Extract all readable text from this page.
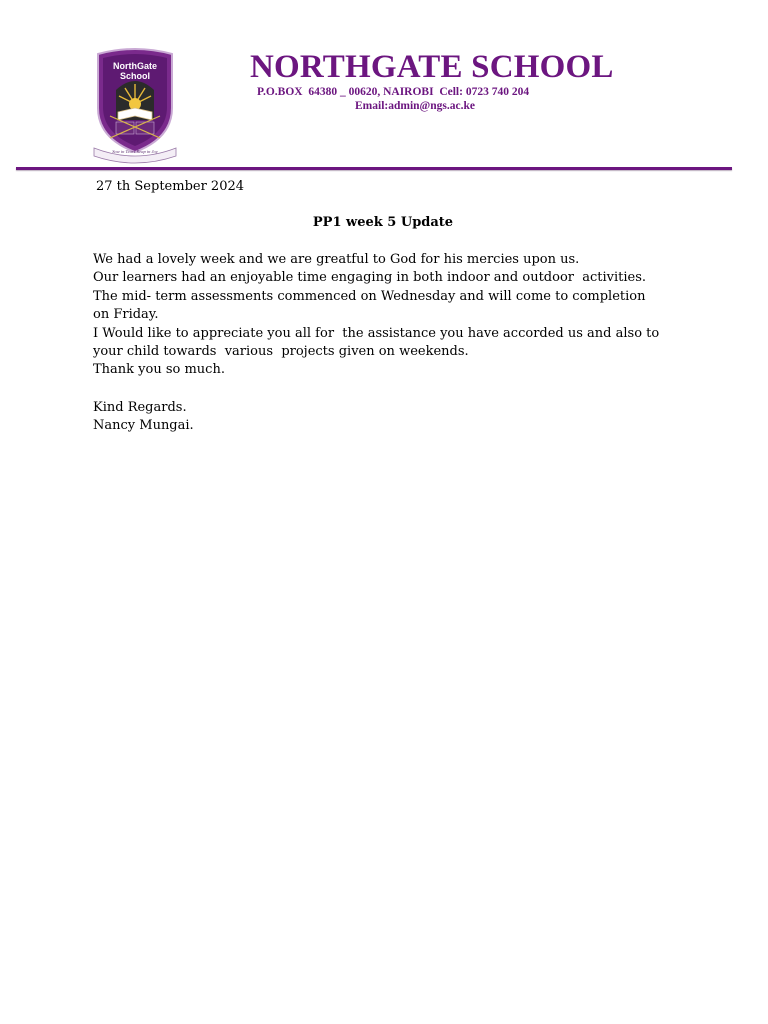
NorthGate
School
Sow in Tears Reap in Joy
NORTHGATE SCHOOL
P.O.BOX  64380 _ 00620, NAIROBI  Cell: 0723 740 204
Email:admin@ngs.ac.ke
27 th September 2024
PP1 week 5 Update
We had a lovely week and we are greatful to God for his mercies upon us.
Our learners had an enjoyable time engaging in both indoor and outdoor  activities.
The mid- term assessments commenced on Wednesday and will come to completion
on Friday.
I Would like to appreciate you all for  the assistance you have accorded us and also to
your child towards  various  projects given on weekends.
Thank you so much.
Kind Regards.
Nancy Mungai.
